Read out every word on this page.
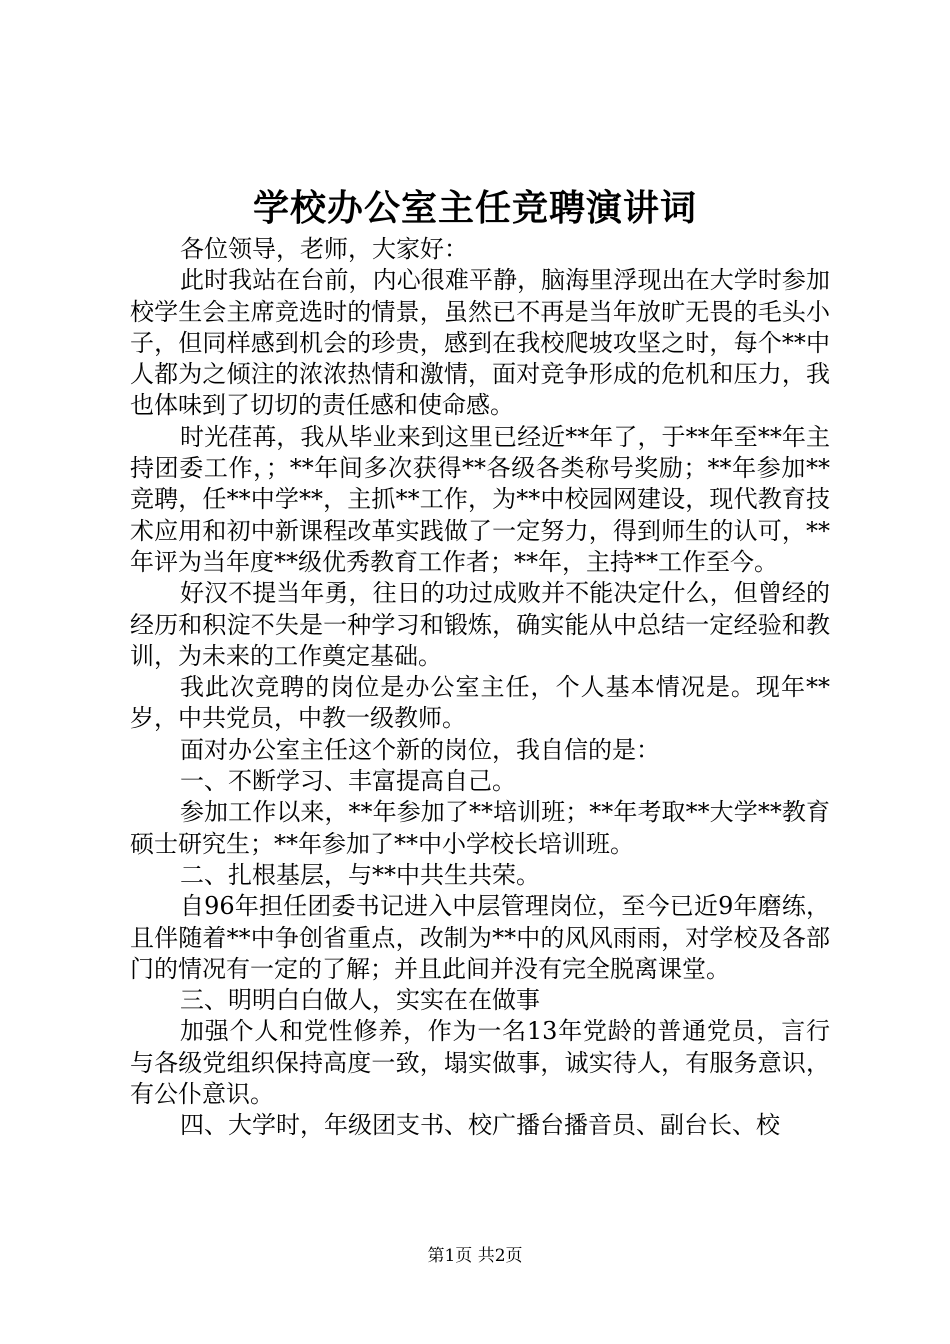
学校办公室主任竞聘演讲词

各位领导，老师，大家好：

此时我站在台前，内心很难平静，脑海里浮现出在大学时参加校学生会主席竞选时的情景，虽然已不再是当年放旷无畏的毛头小子，但同样感到机会的珍贵，感到在我校爬坡攻坚之时，每个**中人都为之倾注的浓浓热情和激情，面对竞争形成的危机和压力，我也体味到了切切的责任感和使命感。

时光荏苒，我从毕业来到这里已经近**年了，于**年至**年主持团委工作，；**年间多次获得**各级各类称号奖励；**年参加**竞聘，任**中学**，主抓**工作，为**中校园网建设，现代教育技术应用和初中新课程改革实践做了一定努力，得到师生的认可，**年评为当年度**级优秀教育工作者；**年，主持**工作至今。

好汉不提当年勇，往日的功过成败并不能决定什么，但曾经的经历和积淀不失是一种学习和锻炼，确实能从中总结一定经验和教训，为未来的工作奠定基础。

我此次竞聘的岗位是办公室主任，个人基本情况是。现年**岁，中共党员，中教一级教师。

面对办公室主任这个新的岗位，我自信的是：

一、不断学习、丰富提高自己。

参加工作以来，**年参加了**培训班；**年考取**大学**教育硕士研究生；**年参加了**中小学校长培训班。

二、扎根基层，与**中共生共荣。

自96年担任团委书记进入中层管理岗位，至今已近9年磨练，且伴随着**中争创省重点，改制为**中的风风雨雨，对学校及各部门的情况有一定的了解；并且此间并没有完全脱离课堂。

三、明明白白做人，实实在在做事

加强个人和党性修养，作为一名13年党龄的普通党员，言行与各级党组织保持高度一致，塌实做事，诚实待人，有服务意识，有公仆意识。

四、大学时，年级团支书、校广播台播音员、副台长、校

第1页 共2页
